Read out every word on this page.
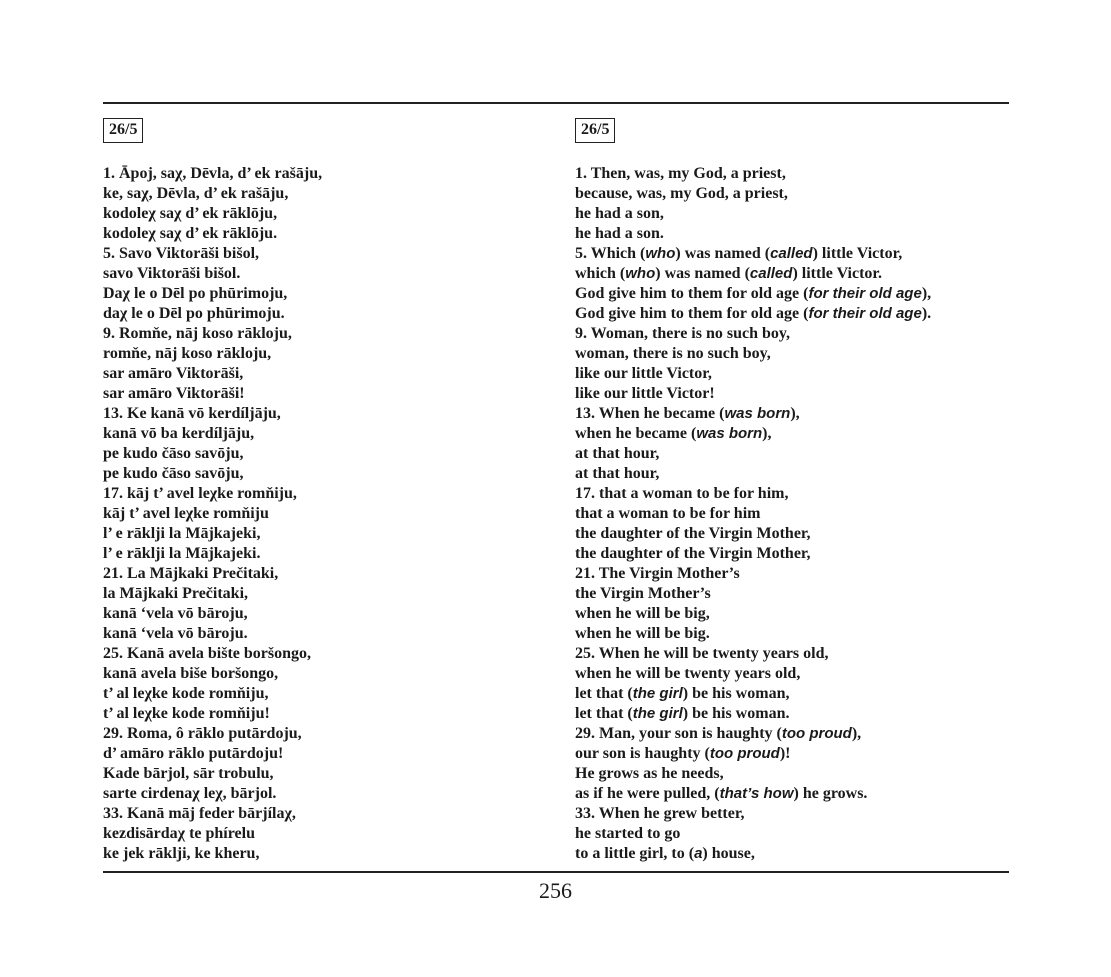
26/5
1. Āpoj, saχ, Dēvla, d’ ek rašāju,
ke, saχ, Dēvla, d’ ek rašāju,
kodoleχ saχ d’ ek rāklōju,
kodoleχ saχ d’ ek rāklōju.
5. Savo Viktorāši bišol,
savo Viktorāši bišol.
Daχ le o Dēl po phūrimoju,
daχ le o Dēl po phūrimoju.
9. Romňe, nāj koso rākloju,
romňe, nāj koso rākloju,
sar amāro Viktorāši,
sar amāro Viktorāši!
13. Ke kanā vō kerdíljāju,
kanā vō ba kerdíljāju,
pe kudo čāso savōju,
pe kudo čāso savōju,
17. kāj t’ avel leχke romňiju,
kāj t’ avel leχke romňiju
l’ e rāklji la Mājkajeki,
l’ e rāklji la Mājkajeki.
21. La Mājkaki Prečitaki,
la Mājkaki Prečitaki,
kanā ‘vela vō bāroju,
kanā ‘vela vō bāroju.
25. Kanā avela bište boršongo,
kanā avela biše boršongo,
t’ al leχke kode romňiju,
t’ al leχke kode romňiju!
29. Roma, ô rāklo putārdoju,
d’ amāro rāklo putārdoju!
Kade bārjol, sār trobulu,
sarte cirdenaχ leχ, bārjol.
33. Kanā māj feder bārjílaχ,
kezdisārdaχ te phírelu
ke jek rāklji, ke kheru,
26/5
1. Then, was, my God, a priest,
because, was, my God, a priest,
he had a son,
he had a son.
5. Which (who) was named (called) little Victor,
which (who) was named (called) little Victor.
God give him to them for old age (for their old age),
God give him to them for old age (for their old age).
9. Woman, there is no such boy,
woman, there is no such boy,
like our little Victor,
like our little Victor!
13. When he became (was born),
when he became (was born),
at that hour,
at that hour,
17. that a woman to be for him,
that a woman to be for him
the daughter of the Virgin Mother,
the daughter of the Virgin Mother,
21. The Virgin Mother’s
the Virgin Mother’s
when he will be big,
when he will be big.
25. When he will be twenty years old,
when he will be twenty years old,
let that (the girl) be his woman,
let that (the girl) be his woman.
29. Man, your son is haughty (too proud),
our son is haughty (too proud)!
He grows as he needs,
as if he were pulled, (that’s how) he grows.
33. When he grew better,
he started to go
to a little girl, to (a) house,
256
